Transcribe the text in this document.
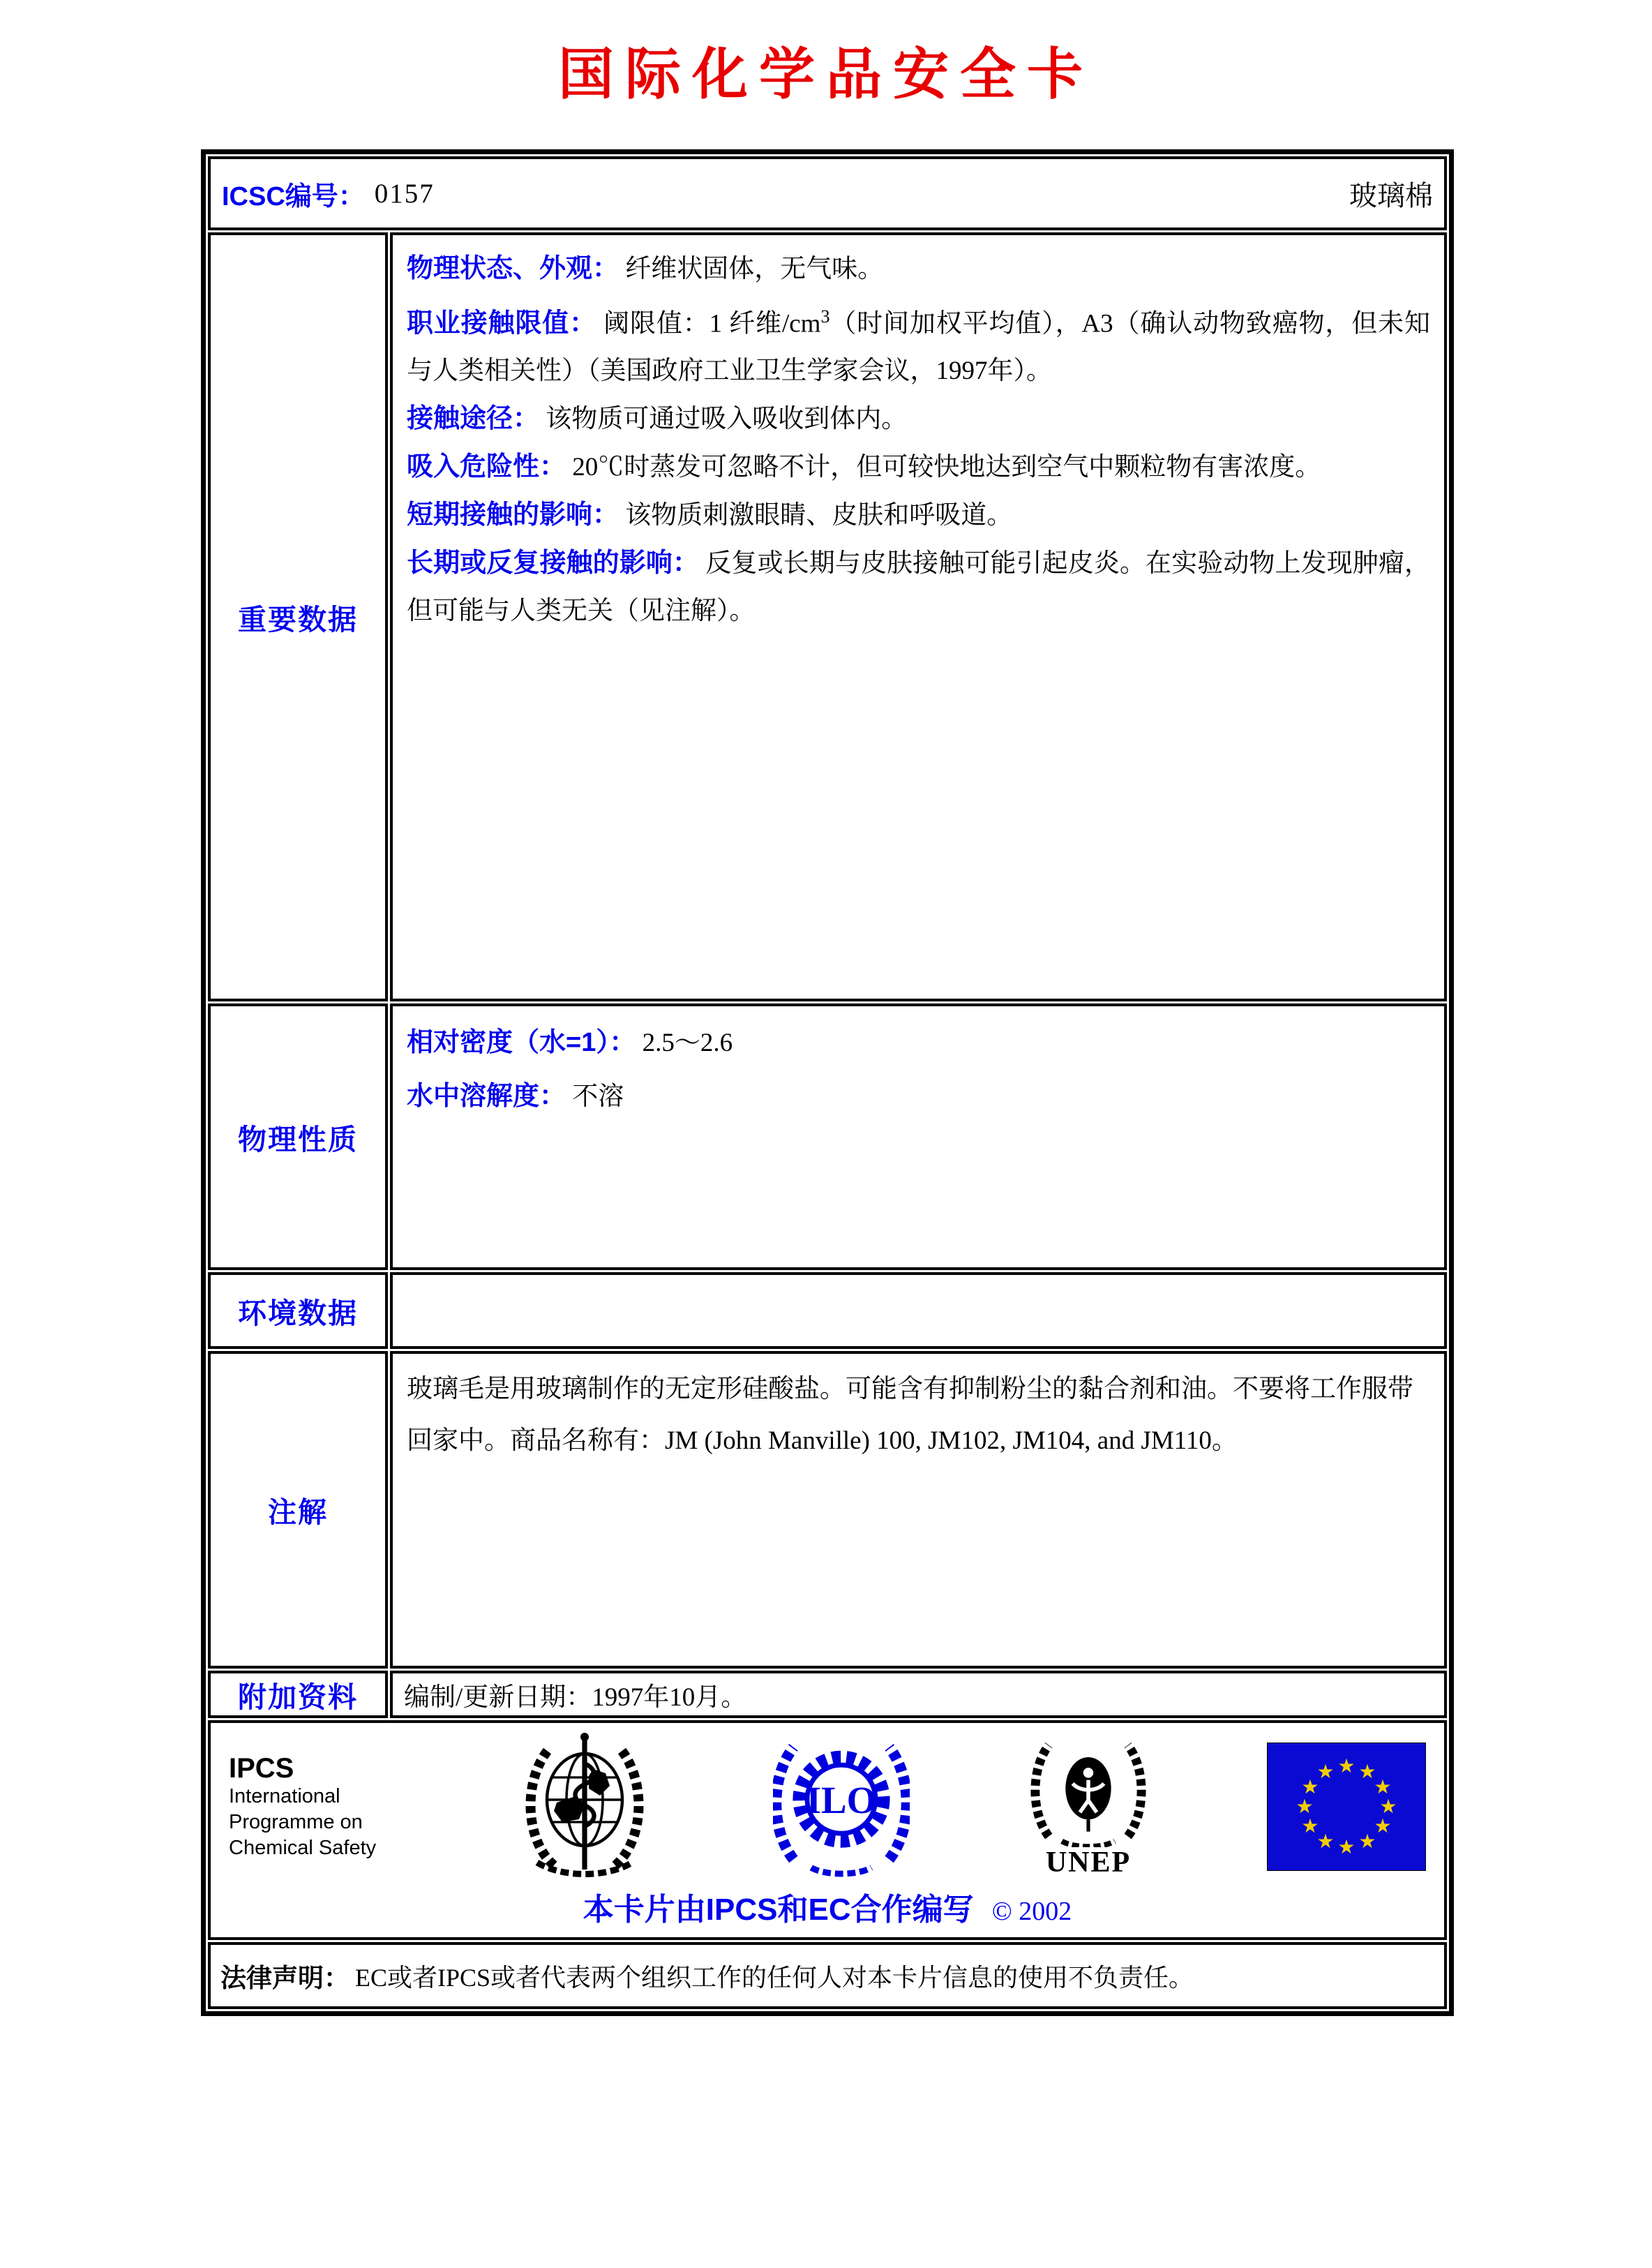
国际化学品安全卡
ICSC编号： 0157	玻璃棉
重要数据

物理状态、外观： 纤维状固体，无气味。

职业接触限值： 阈限值：1 纤维$/cm^3$（时间加权平均值），A3（确认动物致癌物，但未知与人类相关性）（美国政府工业卫生学家会议，1997年）。

接触途径： 该物质可通过吸入吸收到体内。

吸入危险性： 20℃时蒸发可忽略不计，但可较快地达到空气中颗粒物有害浓度。

短期接触的影响： 该物质刺激眼睛、皮肤和呼吸道。

长期或反复接触的影响： 反复或长期与皮肤接触可能引起皮炎。在实验动物上发现肿瘤，但可能与人类无关（见注解）。

物理性质

相对密度（水=1）： 2.5～2.6

水中溶解度： 不溶

环境数据
注解

玻璃毛是用玻璃制作的无定形硅酸盐。可能含有抑制粉尘的黏合剂和油。不要将工作服带回家中。商品名称有：JM (John Manville) 100, JM102, JM104, and JM110。

附加资料 编制/更新日期： 1997年10月。
IPCS
International
Programme on
Chemical Safety
ILO
UNEP
本卡片由IPCS和EC合作编写 © 2002
法律声明： EC或者IPCS或者代表两个组织工作的任何人对本卡片信息的使用不负责任。
